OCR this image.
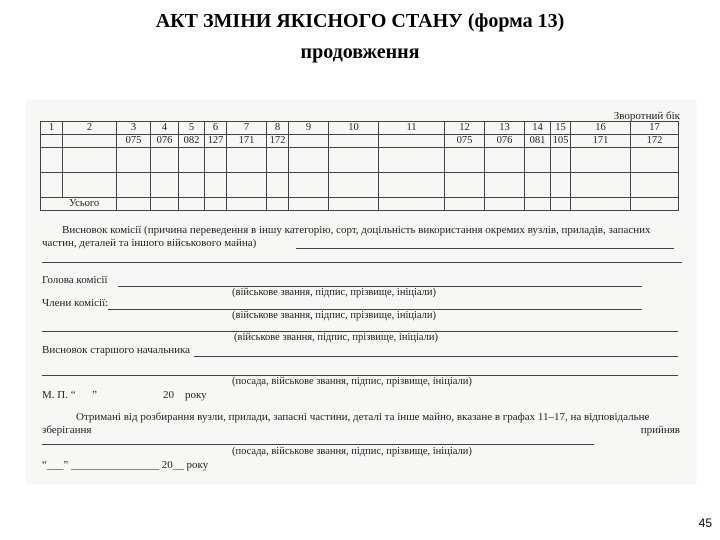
АКТ ЗМІНИ ЯКІСНОГО СТАНУ (форма 13)
продовження
Зворотний бік
1	2	3	4	5	6	7	8	9	10	11	12	13	14	15	16	17
		075	076	082	127	171	172				075	076	081	105	171	172

Усього																
Висновок комісії (причина переведення в іншу категорію, сорт, доцільність використання окремих вузлів, приладів, запасних
частин, деталей та іншого військового майна)
Голова комісії
(військове звання, підпис, прізвище, ініціали)
Члени комісії:
(військове звання, підпис, прізвище, ініціали)
(військове звання, підпис, прізвище, ініціали)
Висновок старшого начальника
(посада, військове звання, підпис, прізвище, ініціали)
М. П. “      ”                        20    року
Отримані від розбирання вузли, прилади, запасні частини, деталі та інше майно, вказане в графах 11–17, на відповідальне
зберігання	прийняв
(посада, військове звання, підпис, прізвище, ініціали)
“___” ________________ 20__ року
45
